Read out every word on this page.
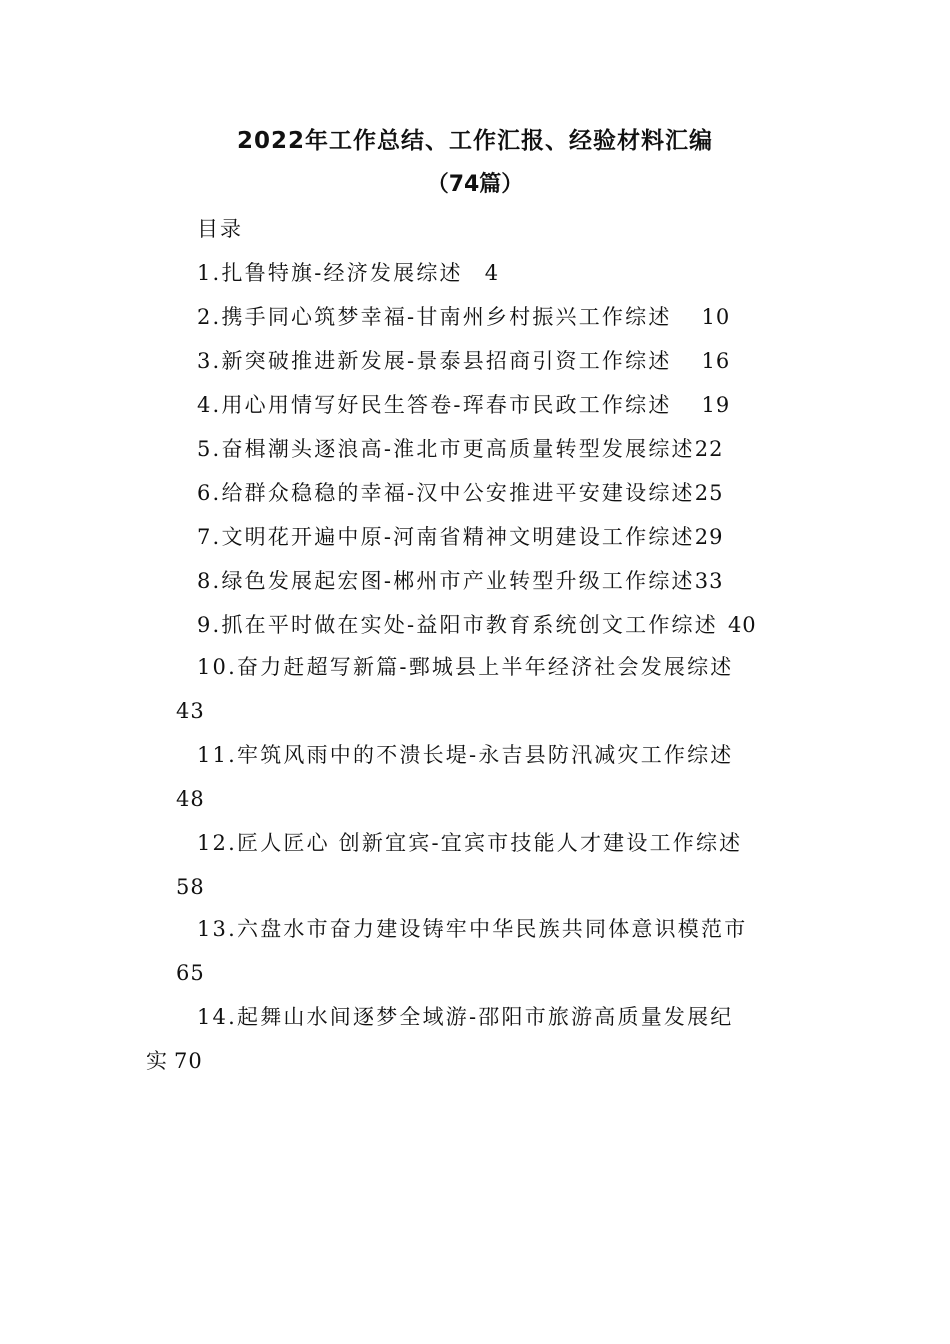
2022年工作总结、工作汇报、经验材料汇编
（74篇）
目录
1.扎鲁特旗-经济发展综述 4
2.携手同心筑梦幸福-甘南州乡村振兴工作综述 10
3.新突破推进新发展-景泰县招商引资工作综述 16
4.用心用情写好民生答卷-珲春市民政工作综述 19
5.奋楫潮头逐浪高-淮北市更高质量转型发展综述22
6.给群众稳稳的幸福-汉中公安推进平安建设综述25
7.文明花开遍中原-河南省精神文明建设工作综述29
8.绿色发展起宏图-郴州市产业转型升级工作综述33
9.抓在平时做在实处-益阳市教育系统创文工作综述 40
10.奋力赶超写新篇-鄄城县上半年经济社会发展综述
43
11.牢筑风雨中的不溃长堤-永吉县防汛减灾工作综述
48
12.匠人匠心 创新宜宾-宜宾市技能人才建设工作综述
58
13.六盘水市奋力建设铸牢中华民族共同体意识模范市
65
14.起舞山水间逐梦全域游-邵阳市旅游高质量发展纪
实 70
